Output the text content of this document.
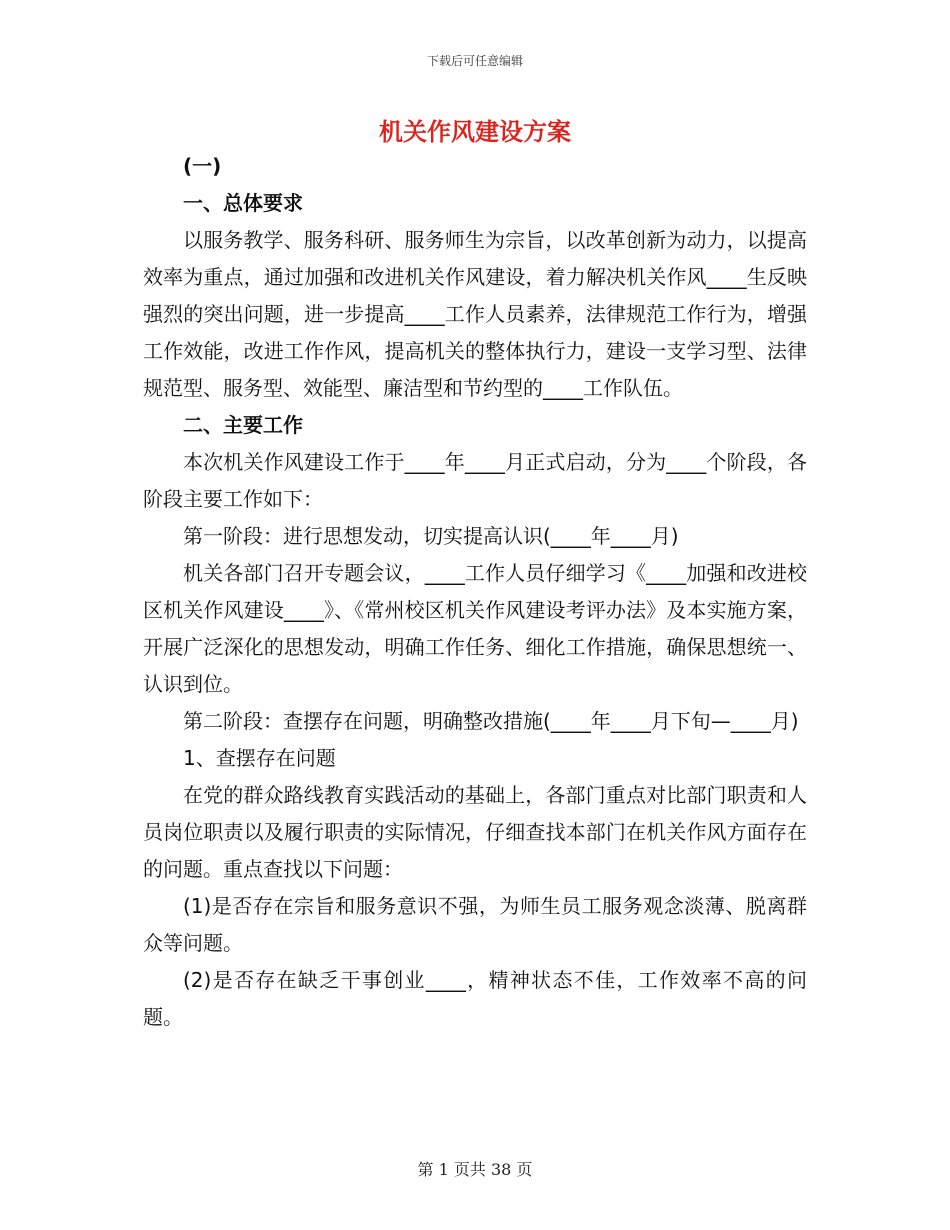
下载后可任意编辑
机关作风建设方案

(一)

一、总体要求

以服务教学、服务科研、服务师生为宗旨，以改革创新为动力，以提高效率为重点，通过加强和改进机关作风建设，着力解决机关作风____生反映强烈的突出问题，进一步提高____工作人员素养，法律规范工作行为，增强工作效能，改进工作作风，提高机关的整体执行力，建设一支学习型、法律规范型、服务型、效能型、廉洁型和节约型的____工作队伍。

二、主要工作

本次机关作风建设工作于____年____月正式启动，分为____个阶段，各阶段主要工作如下：

第一阶段：进行思想发动，切实提高认识(____年____月)

机关各部门召开专题会议，____工作人员仔细学习《____加强和改进校区机关作风建设____》、《常州校区机关作风建设考评办法》及本实施方案，开展广泛深化的思想发动，明确工作任务、细化工作措施，确保思想统一、认识到位。

第二阶段：查摆存在问题，明确整改措施(____年____月下旬—____月)

1、查摆存在问题

在党的群众路线教育实践活动的基础上，各部门重点对比部门职责和人员岗位职责以及履行职责的实际情况，仔细查找本部门在机关作风方面存在的问题。重点查找以下问题：

(1)是否存在宗旨和服务意识不强，为师生员工服务观念淡薄、脱离群众等问题。

(2)是否存在缺乏干事创业____，精神状态不佳，工作效率不高的问题。

第 1 页共 38 页
